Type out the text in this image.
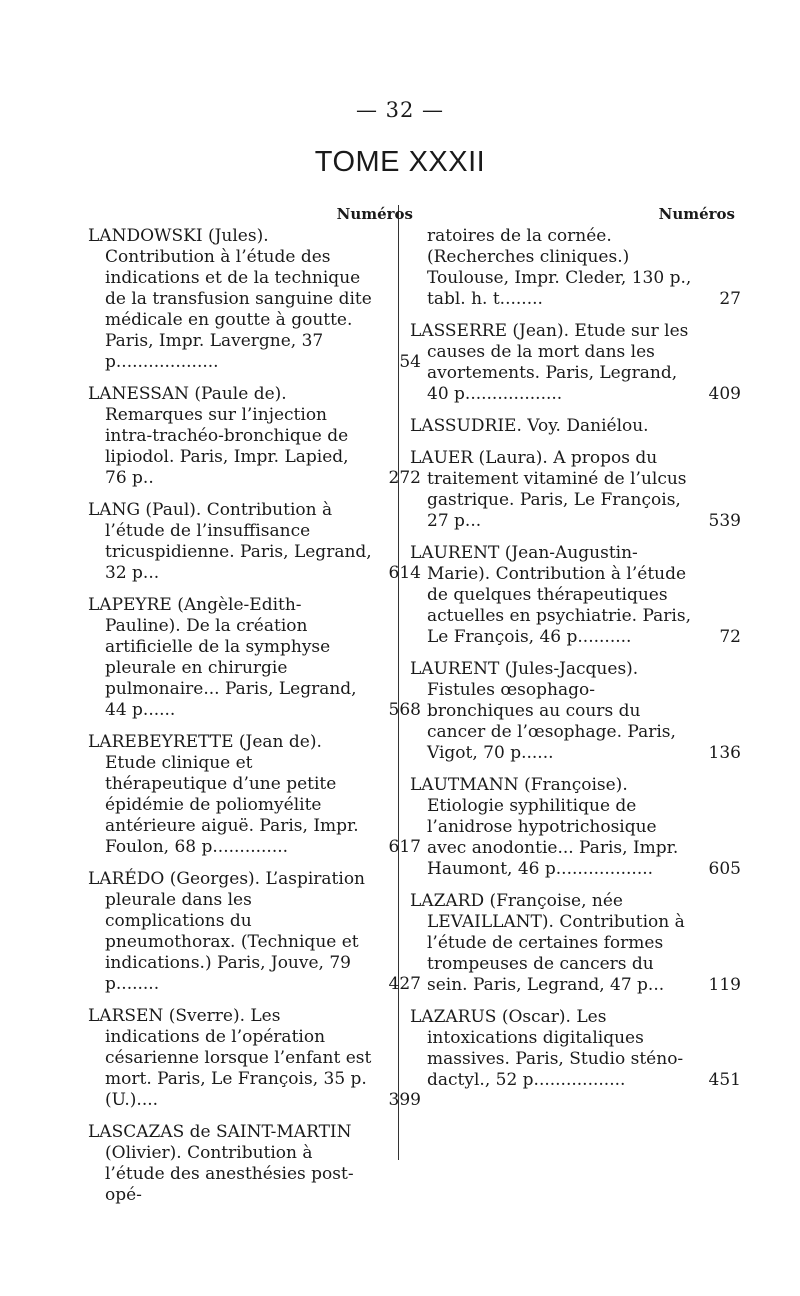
— 32 —
TOME XXXII
Numéros
LANDOWSKI (Jules). Contribution à l’étude des indications et de la technique de la transfusion sanguine dite médicale en goutte à goutte. Paris, Impr. Lavergne, 37 p...................	54
LANESSAN (Paule de). Remarques sur l’injection intra-trachéo-bronchique de lipiodol. Paris, Impr. Lapied, 76 p..	272
LANG (Paul). Contribution à l’étude de l’insuffisance tricuspidienne. Paris, Legrand, 32 p...	614
LAPEYRE (Angèle-Edith-Pauline). De la création artificielle de la symphyse pleurale en chirurgie pulmonaire... Paris, Legrand, 44 p......	568
LAREBEYRETTE (Jean de). Etude clinique et thérapeutique d’une petite épidémie de poliomyélite antérieure aiguë. Paris, Impr. Foulon, 68 p..............	617
LARÉDO (Georges). L’aspiration pleurale dans les complications du pneumothorax. (Technique et indications.) Paris, Jouve, 79 p........	427
LARSEN (Sverre). Les indications de l’opération césarienne lorsque l’enfant est mort. Paris, Le François, 35 p. (U.)....	399
LASCAZAS de SAINT-MARTIN (Olivier). Contribution à l’étude des anesthésies post-opé-
Numéros
ratoires de la cornée. (Recherches cliniques.) Toulouse, Impr. Cleder, 130 p., tabl. h. t........	27
LASSERRE (Jean). Etude sur les causes de la mort dans les avortements. Paris, Legrand, 40 p..................	409
LASSUDRIE. Voy. Daniélou.
LAUER (Laura). A propos du traitement vitaminé de l’ulcus gastrique. Paris, Le François, 27 p...	539
LAURENT (Jean-Augustin-Marie). Contribution à l’étude de quelques thérapeutiques actuelles en psychiatrie. Paris, Le François, 46 p..........	72
LAURENT (Jules-Jacques). Fistules œsophago-bronchiques au cours du cancer de l’œsophage. Paris, Vigot, 70 p......	136
LAUTMANN (Françoise). Etiologie syphilitique de l’anidrose hypotrichosique avec anodontie... Paris, Impr. Haumont, 46 p..................	605
LAZARD (Françoise, née LEVAILLANT). Contribution à l’étude de certaines formes trompeuses de cancers du sein. Paris, Legrand, 47 p...	119
LAZARUS (Oscar). Les intoxications digitaliques massives. Paris, Studio sténo-dactyl., 52 p.................	451
